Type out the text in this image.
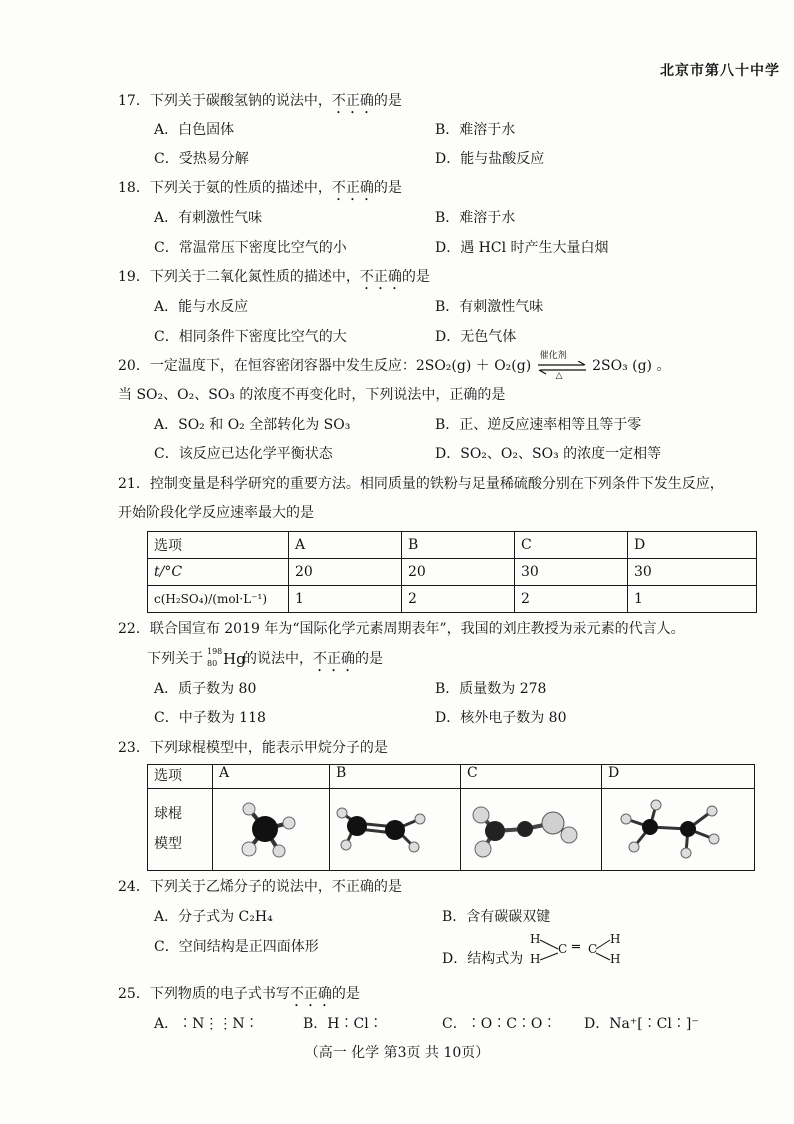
北京市第八十中学
17．下列关于碳酸氢钠的说法中，不正确的是
A．白色固体	B．难溶于水
C．受热易分解	D．能与盐酸反应
18．下列关于氨的性质的描述中，不正确的是
A．有刺激性气味	B．难溶于水
C．常温常压下密度比空气的小	D．遇 HCl 时产生大量白烟
19．下列关于二氧化氮性质的描述中，不正确的是
A．能与水反应	B．有刺激性气味
C．相同条件下密度比空气的大	D．无色气体
20．一定温度下，在恒容密闭容器中发生反应：2SO₂(g) ＋ O₂(g)
催化剂
△
2SO₃ (g) 。
当 SO₂、O₂、SO₃ 的浓度不再变化时，下列说法中，正确的是
A．SO₂ 和 O₂ 全部转化为 SO₃	B．正、逆反应速率相等且等于零
C．该反应已达化学平衡状态	D．SO₂、O₂、SO₃ 的浓度一定相等
21．控制变量是科学研究的重要方法。相同质量的铁粉与足量稀硫酸分别在下列条件下发生反应，
开始阶段化学反应速率最大的是
选项	A	B	C	D
t/°C	20	20	30	30
c(H₂SO₄)/(mol·L⁻¹)	1	2	2	1
22．联合国宣布 2019 年为“国际化学元素周期表年”，我国的刘庄教授为汞元素的代言人。
下列关于 198
80 Hg
的说法中，不正确的是
A．质子数为 80	B．质量数为 278
C．中子数为 118	D．核外电子数为 80
23．下列球棍模型中，能表示甲烷分子的是
选项	A	B	C	D
球棍
模型	

24．下列关于乙烯分子的说法中，不正确的是
A．分子式为 C₂H₄	B．含有碳碳双键
C．空间结构是正四面体形
D．结构式为
H
H
C ═ C
H
H
25．下列物质的电子式书写不正确的是
A．∶N⋮⋮N∶	B．H∶Cl∶	C．∶O∶C∶O∶ D．Na⁺[∶Cl∶]⁻
（高一 化学 第3页 共 10页）
